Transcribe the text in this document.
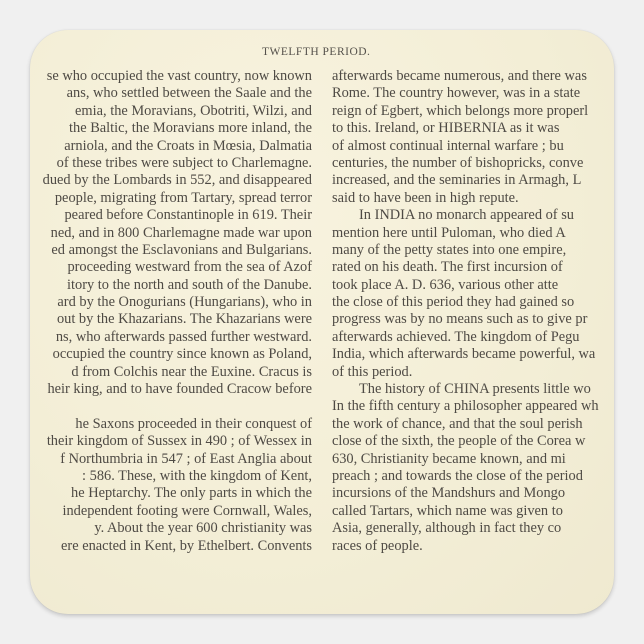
TWELFTH PERIOD.
se who occupied the vast country, now known
ans, who settled between the Saale and the
emia, the Moravians, Obotriti, Wilzi, and
the Baltic, the Moravians more inland, the
arniola, and the Croats in Mœsia, Dalmatia
of these tribes were subject to Charlemagne.
dued by the Lombards in 552, and disappeared
people, migrating from Tartary, spread terror
peared before Constantinople in 619. Their
ned, and in 800 Charlemagne made war upon
ed amongst the Esclavonians and Bulgarians.
proceeding westward from the sea of Azof
itory to the north and south of the Danube.
ard by the Onogurians (Hungarians), who in
out by the Khazarians. The Khazarians were
ns, who afterwards passed further westward.
occupied the country since known as Poland,
d from Colchis near the Euxine. Cracus is
heir king, and to have founded Cracow before
he Saxons proceeded in their conquest of
their kingdom of Sussex in 490 ; of Wessex in
f Northumbria in 547 ; of East Anglia about
: 586. These, with the kingdom of Kent,
he Heptarchy. The only parts in which the
independent footing were Cornwall, Wales,
y. About the year 600 christianity was
ere enacted in Kent, by Ethelbert. Convents
afterwards became numerous, and there was
Rome. The country however, was in a state
reign of Egbert, which belongs more properl
to this. Ireland, or HIBERNIA as it was
of almost continual internal warfare ; bu
centuries, the number of bishopricks, conve
increased, and the seminaries in Armagh, L
said to have been in high repute.
In INDIA no monarch appeared of su
mention here until Puloman, who died A
many of the petty states into one empire,
rated on his death. The first incursion of
took place A. D. 636, various other atte
the close of this period they had gained so
progress was by no means such as to give pr
afterwards achieved. The kingdom of Pegu
India, which afterwards became powerful, wa
of this period.
The history of CHINA presents little wo
In the fifth century a philosopher appeared wh
the work of chance, and that the soul perish
close of the sixth, the people of the Corea w
630, Christianity became known, and mi
preach ; and towards the close of the period
incursions of the Mandshurs and Mongo
called Tartars, which name was given to
Asia, generally, although in fact they co
races of people.
